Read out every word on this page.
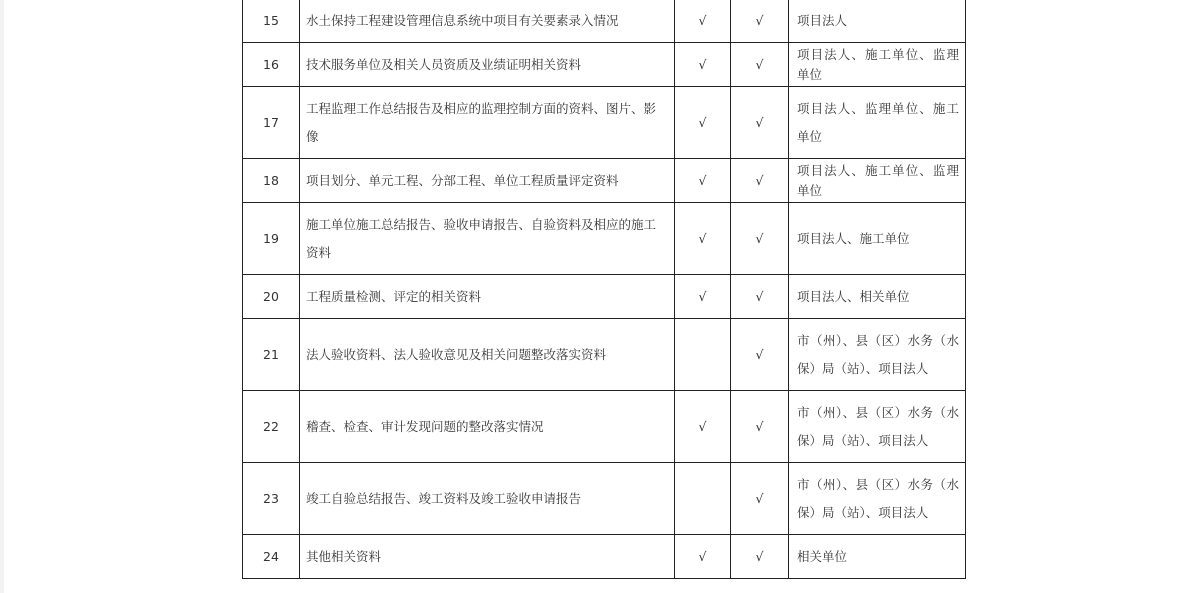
15	水土保持工程建设管理信息系统中项目有关要素录入情况	√	√	项目法人
16	技术服务单位及相关人员资质及业绩证明相关资料	√	√	项目法人、施工单位、监理单位
17	工程监理工作总结报告及相应的监理控制方面的资料、图片、影像	√	√	项目法人、监理单位、施工单位
18	项目划分、单元工程、分部工程、单位工程质量评定资料	√	√	项目法人、施工单位、监理单位
19	施工单位施工总结报告、验收申请报告、自验资料及相应的施工资料	√	√	项目法人、施工单位
20	工程质量检测、评定的相关资料	√	√	项目法人、相关单位
21	法人验收资料、法人验收意见及相关问题整改落实资料		√	市（州）、县（区）水务（水保）局（站）、项目法人
22	稽查、检查、审计发现问题的整改落实情况	√	√	市（州）、县（区）水务（水保）局（站）、项目法人
23	竣工自验总结报告、竣工资料及竣工验收申请报告		√	市（州）、县（区）水务（水保）局（站）、项目法人
24	其他相关资料	√	√	相关单位
